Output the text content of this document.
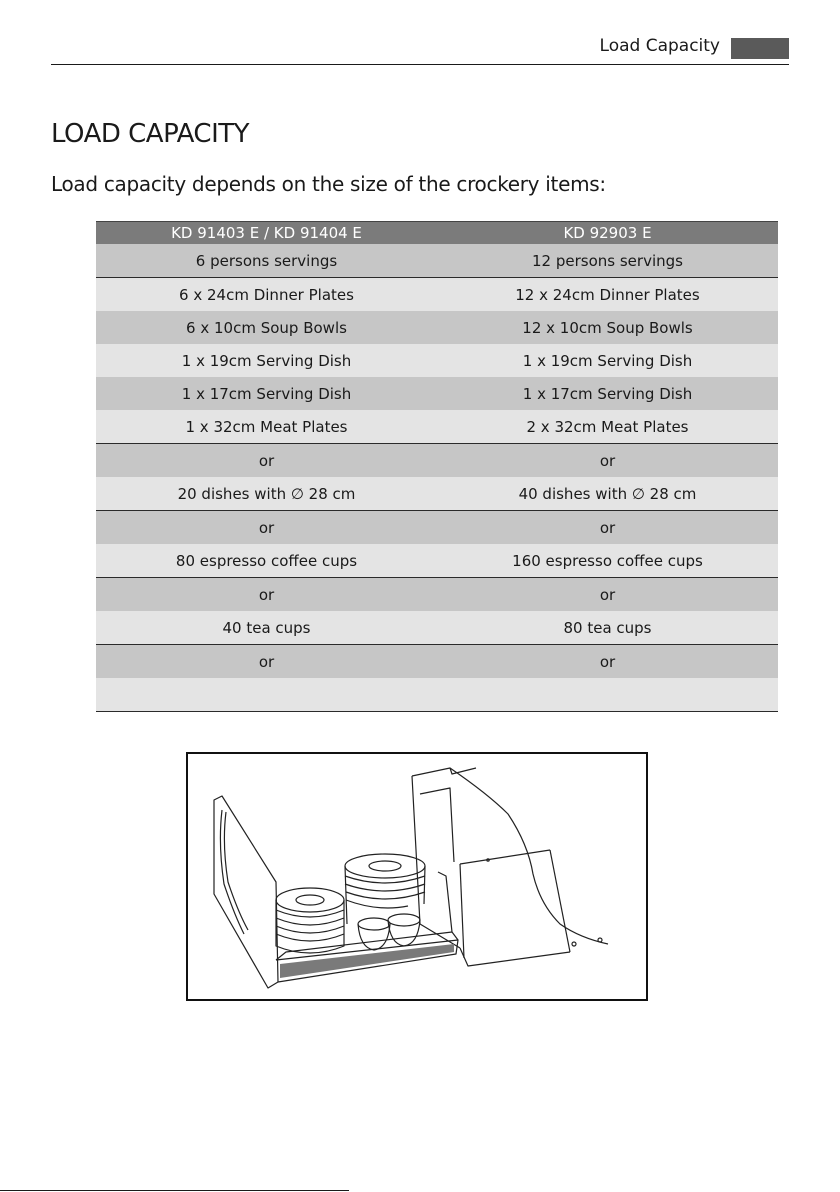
Load Capacity
LOAD CAPACITY

Load capacity depends on the size of the crockery items:

KD 91403 E / KD 91404 E	KD 92903 E
6 persons servings	12 persons servings
6 x 24cm Dinner Plates	12 x 24cm Dinner Plates
6 x 10cm Soup Bowls	12 x 10cm Soup Bowls
1 x 19cm Serving Dish	1 x 19cm Serving Dish
1 x 17cm Serving Dish	1 x 17cm Serving Dish
1 x 32cm Meat Plates	2 x 32cm Meat Plates
or	or
20 dishes with ∅ 28 cm	40 dishes with ∅ 28 cm
or	or
80 espresso coffee cups	160 espresso coffee cups
or	or
40 tea cups	80 tea cups
or	or
